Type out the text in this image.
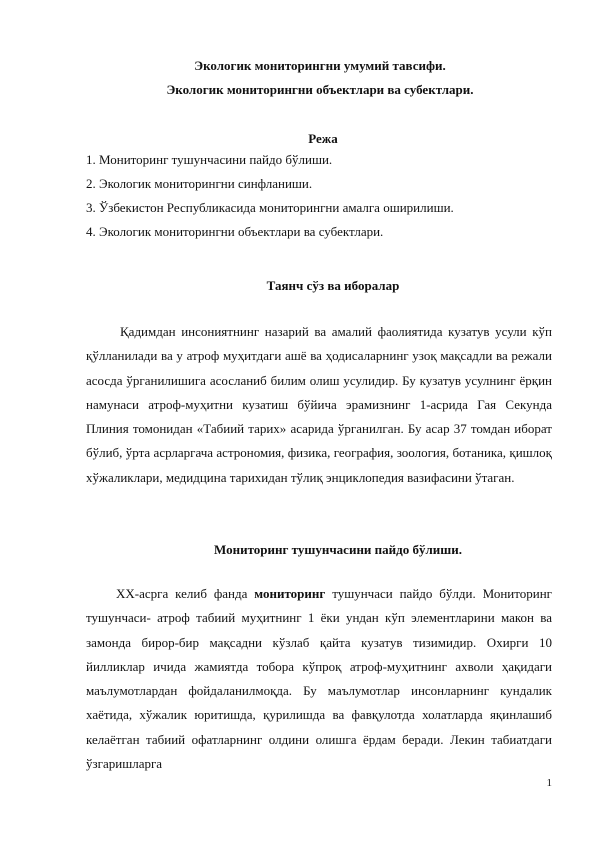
Экологик мониторингни умумий тавсифи.
Экологик мониторингни объектлари ва субектлари.
Режа
1. Мониторинг тушунчасини пайдо бўлиши.
2. Экологик мониторингни синфланиши.
3. Ўзбекистон Республикасида мониторингни амалга оширилиши.
4. Экологик мониторингни объектлари ва субектлари.
Таянч сўз ва иборалар

Қадимдан инсониятнинг назарий ва амалий фаолиятида кузатув усули кўп қўлланилади ва у атроф муҳитдаги ашё ва ҳодисаларнинг узоқ мақсадли ва режали асосда ўрганилишига асосланиб билим олиш усулидир. Бу кузатув усулнинг ёрқин намунаси атроф-муҳитни кузатиш бўйича эрамизнинг 1-асрида Гая Секунда Плиния томонидан «Табиий тарих» асарида ўрганилган. Бу асар 37 томдан иборат бўлиб, ўрта асрларгача астрономия, физика, география, зоология, ботаника, қишлоқ хўжаликлари, медидцина тарихидан тўлиқ энциклопедия вазифасини ўтаган.

Мониторинг тушунчасини пайдо бўлиши.

ХХ-асрга келиб фанда мониторинг тушунчаси пайдо бўлди. Мониторинг тушунчаси- атроф табиий муҳитнинг 1 ёки ундан кўп элементларини макон ва замонда бирор-бир мақсадни кўзлаб қайта кузатув тизимидир. Охирги 10 йилликлар ичида жамиятда тобора кўпроқ атроф-муҳитнинг ахволи ҳақидаги маълумотлардан фойдаланилмоқда. Бу маълумотлар инсонларнинг кундалик хаётида, хўжалик юритишда, қурилишда ва фавқулотда холатларда яқинлашиб келаётган табиий офатларнинг олдини олишга ёрдам беради. Лекин табиатдаги ўзгаришларга

1
